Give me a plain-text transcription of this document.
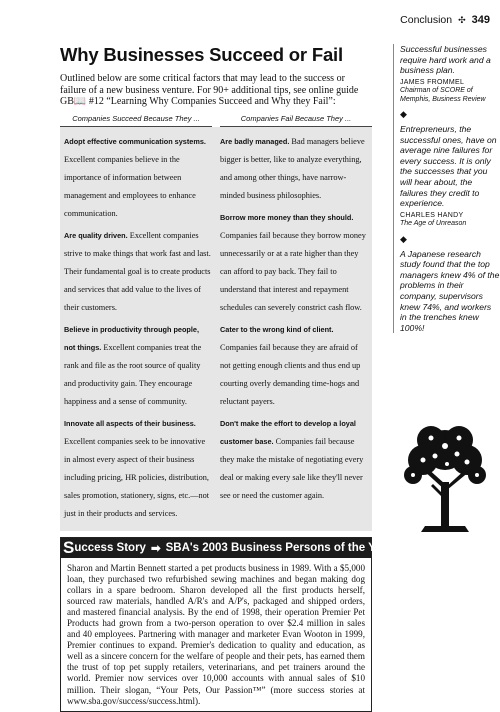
Conclusion ✣ 349
Why Businesses Succeed or Fail

Outlined below are some critical factors that may lead to the success or failure of a new business venture. For 90+ additional tips, see online guide GB📖 #12 “Learning Why Companies Succeed and Why they Fail”:

Companies Succeed Because They ...	Companies Fail Because They ...
Adopt effective communication systems. Excellent companies believe in the importance of information between management and employees to enhance communication.
Are quality driven. Excellent companies strive to make things that work fast and last. Their fundamental goal is to create products and services that add value to the lives of their customers.
Believe in productivity through people, not things. Excellent companies treat the rank and file as the root source of quality and productivity gain. They encourage happiness and a sense of community.
Innovate all aspects of their business. Excellent companies seek to be innovative in almost every aspect of their business including pricing, HR policies, distribution, sales promotion, stationery, signs, etc.—not just in their products and services.
Are badly managed. Bad managers believe bigger is better, like to analyze everything, and among other things, have narrow-minded business philosophies.
Borrow more money than they should. Companies fail because they borrow money unnecessarily or at a rate higher than they can afford to pay back. They fail to understand that interest and repayment schedules can severely constrict cash flow.
Cater to the wrong kind of client. Companies fail because they are afraid of not getting enough clients and thus end up courting overly demanding time-hogs and reluctant payers.
Don't make the effort to develop a loyal customer base. Companies fail because they make the mistake of negotiating every deal or making every sale like they'll never see or need the customer again.
S uccess Story ➡ SBA's 2003 Business Persons of the Year
Sharon and Martin Bennett started a pet products business in 1989. With a $5,000 loan, they purchased two refurbished sewing machines and began making dog collars in a spare bedroom. Sharon developed all the first products herself, sourced raw materials, handled A/R's and A/P's, packaged and shipped orders, and mastered financial analysis. By the end of 1998, their operation Premier Pet Products had grown from a two-person operation to over $2.4 million in sales and 40 employees. Partnering with manager and marketer Evan Wooton in 1999, Premier continues to expand. Premier's dedication to quality and education, as well as a sincere concern for the welfare of people and their pets, has earned them the trust of top pet supply retailers, veterinarians, and pet trainers around the world. Premier now services over 10,000 accounts with annual sales of $10 million. Their slogan, “Your Pets, Our Passion™” (more success stories at www.sba.gov/success/success.html).
Successful businesses require hard work and a business plan.
JAMES FROMMEL
Chairman of SCORE of Memphis, Business Review
◆
Entrepreneurs, the successful ones, have on average nine failures for every success. It is only the successes that you will hear about, the failures they credit to experience.
CHARLES HANDY
The Age of Unreason
◆
A Japanese research study found that the top managers knew 4% of the problems in their company, supervisors knew 74%, and workers in the trenches knew 100%!
